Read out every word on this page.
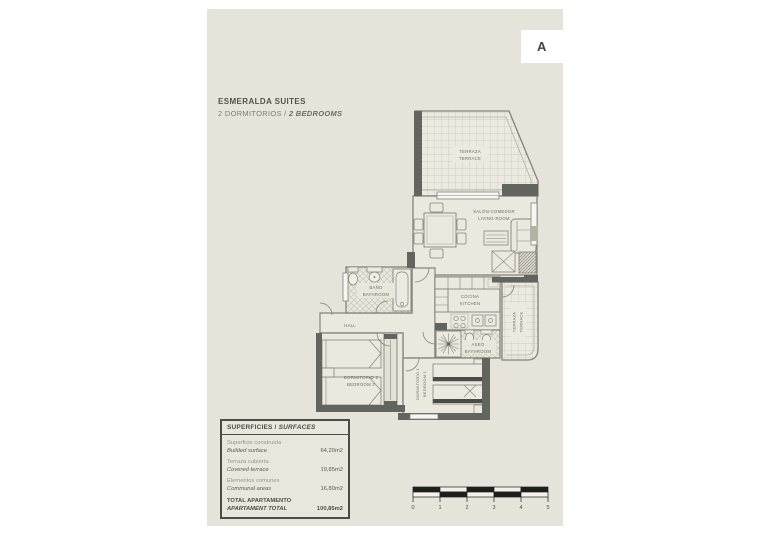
A

ESMERALDA SUITES

2 DORMITORIOS / 2 BEDROOMS

TERRAZA
TERRACE
SALÓN-COMEDOR
LIVING-ROOM
TERRAZA TERRACE
HALL
BAÑO
BATHROOM	COCINA
KITCHEN
ASEO
BATHROOM
DORMITORIO 2
BEDROOM 2	DORMITORIO 1 BEDROOM 1
SUPERFICIES / SURFACES
Superficie construida
Builded surface	64,20m2
Terraza cubierta
Covered terrace	19,85m2
Elementos comunes
Communal areas	16,80m2
TOTAL APARTAMENTO
APARTAMENT TOTAL	100,85m2	0	1	2	3	4	5
